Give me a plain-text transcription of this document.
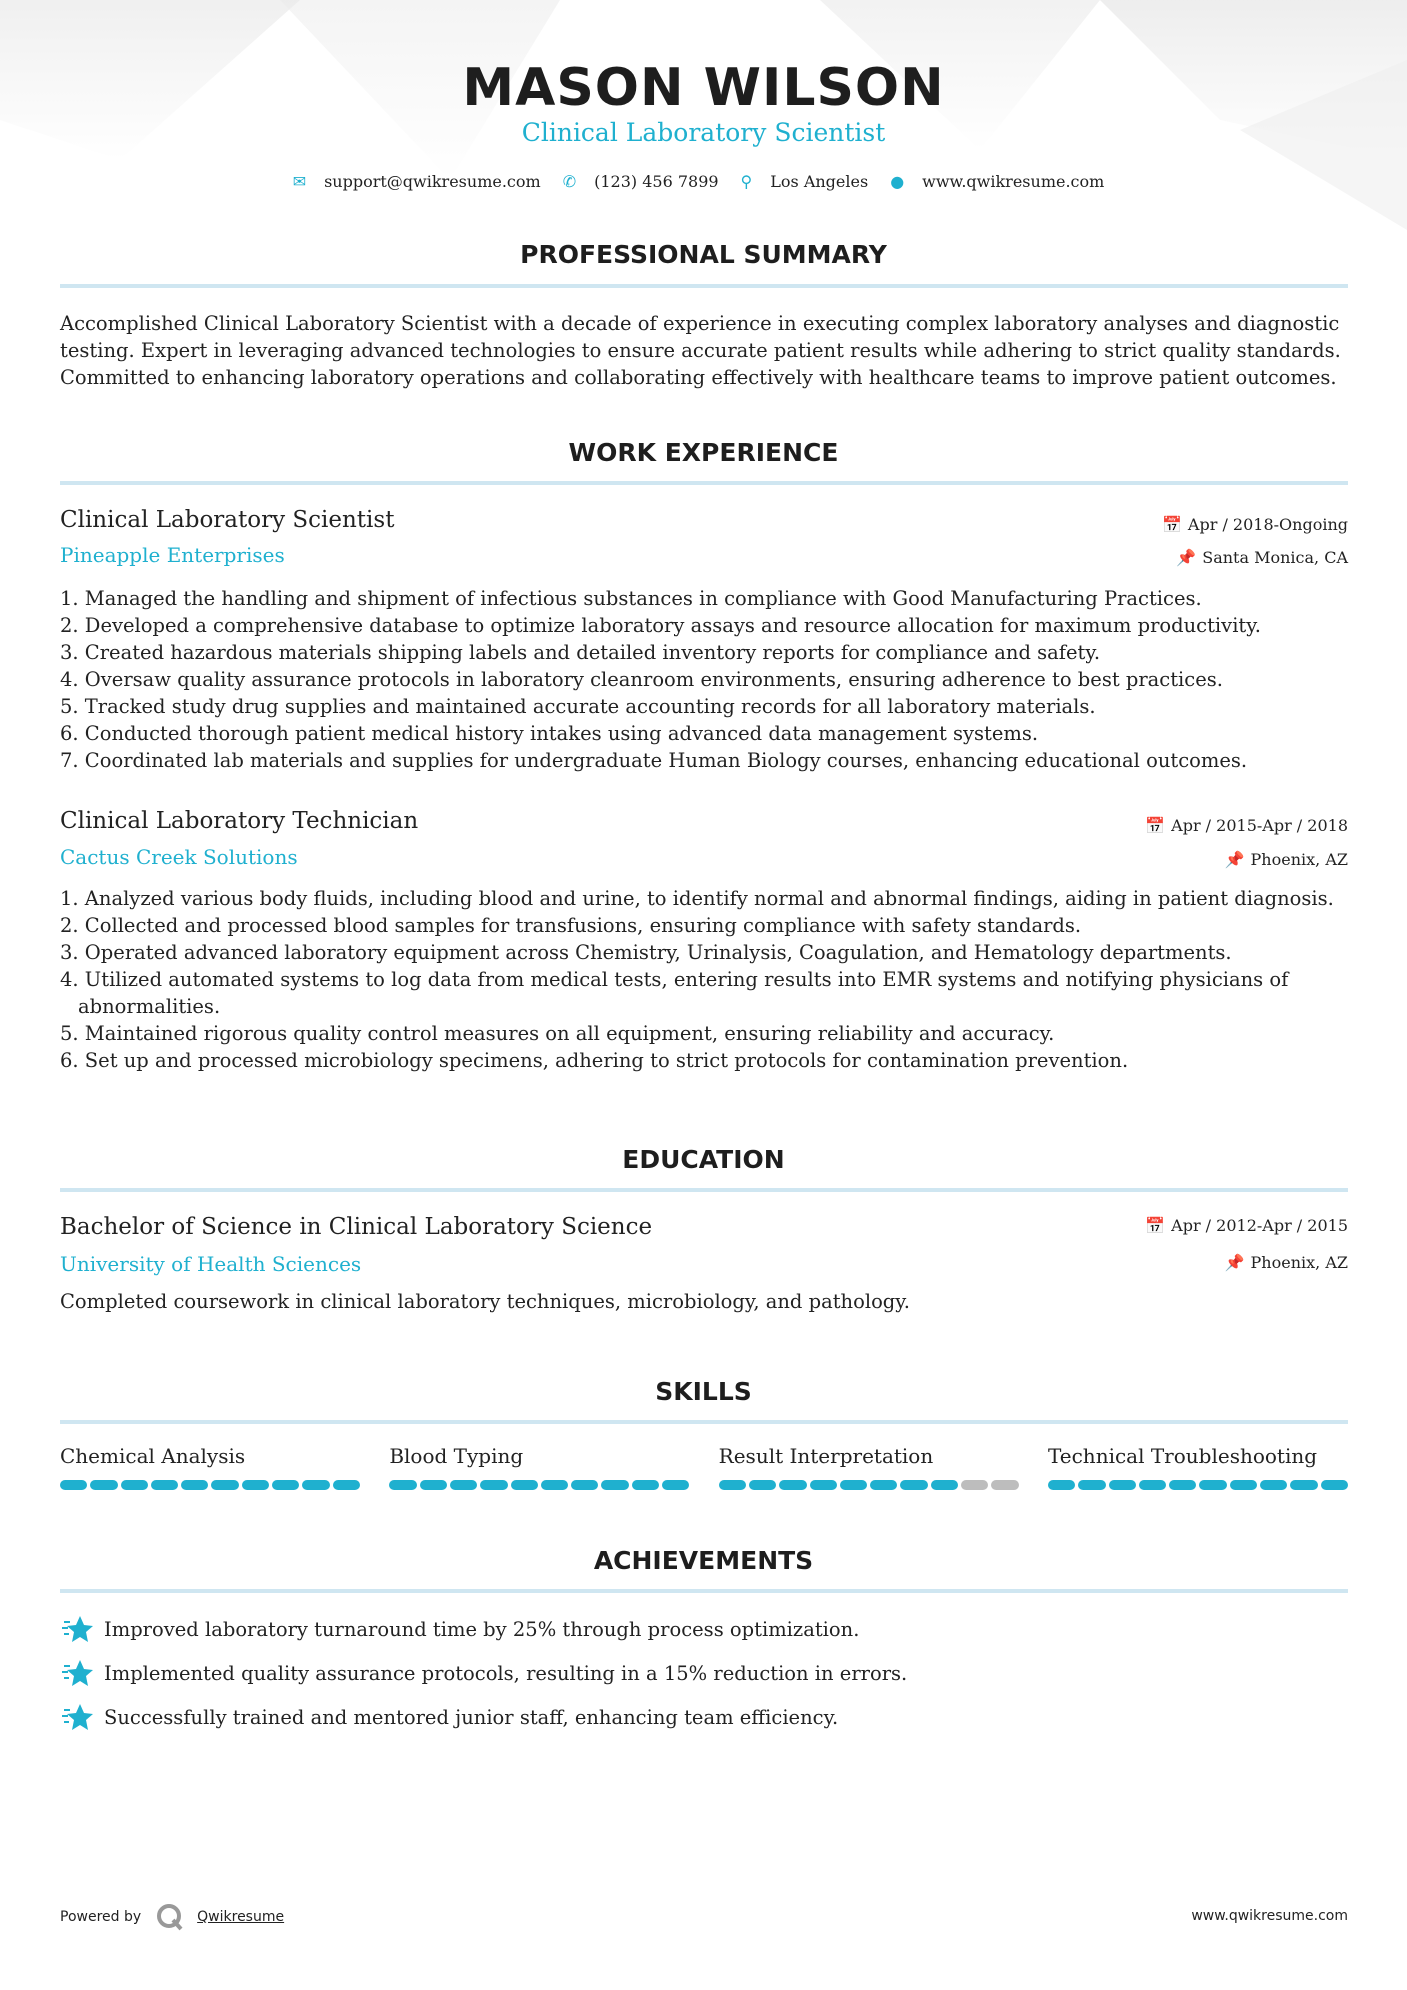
MASON WILSON
Clinical Laboratory Scientist
✉ support@qwikresume.com ✆ (123) 456 7899 ⚲ Los Angeles ● www.qwikresume.com
PROFESSIONAL SUMMARY
Accomplished Clinical Laboratory Scientist with a decade of experience in executing complex laboratory analyses and diagnostic testing. Expert in leveraging advanced technologies to ensure accurate patient results while adhering to strict quality standards. Committed to enhancing laboratory operations and collaborating effectively with healthcare teams to improve patient outcomes.
WORK EXPERIENCE
Clinical Laboratory Scientist
Pineapple Enterprises
📅 Apr / 2018-Ongoing
📌 Santa Monica, CA
1. Managed the handling and shipment of infectious substances in compliance with Good Manufacturing Practices.
2. Developed a comprehensive database to optimize laboratory assays and resource allocation for maximum productivity.
3. Created hazardous materials shipping labels and detailed inventory reports for compliance and safety.
4. Oversaw quality assurance protocols in laboratory cleanroom environments, ensuring adherence to best practices.
5. Tracked study drug supplies and maintained accurate accounting records for all laboratory materials.
6. Conducted thorough patient medical history intakes using advanced data management systems.
7. Coordinated lab materials and supplies for undergraduate Human Biology courses, enhancing educational outcomes.
Clinical Laboratory Technician
Cactus Creek Solutions
📅 Apr / 2015-Apr / 2018
📌 Phoenix, AZ
1. Analyzed various body fluids, including blood and urine, to identify normal and abnormal findings, aiding in patient diagnosis.
2. Collected and processed blood samples for transfusions, ensuring compliance with safety standards.
3. Operated advanced laboratory equipment across Chemistry, Urinalysis, Coagulation, and Hematology departments.
4. Utilized automated systems to log data from medical tests, entering results into EMR systems and notifying physicians of abnormalities.
5. Maintained rigorous quality control measures on all equipment, ensuring reliability and accuracy.
6. Set up and processed microbiology specimens, adhering to strict protocols for contamination prevention.
EDUCATION
Bachelor of Science in Clinical Laboratory Science
University of Health Sciences
📅 Apr / 2012-Apr / 2015
📌 Phoenix, AZ
Completed coursework in clinical laboratory techniques, microbiology, and pathology.
SKILLS
Chemical Analysis	Blood Typing	Result Interpretation	Technical Troubleshooting
ACHIEVEMENTS
Improved laboratory turnaround time by 25% through process optimization.
Implemented quality assurance protocols, resulting in a 15% reduction in errors.
Successfully trained and mentored junior staff, enhancing team efficiency.
Powered by	Qwikresume	www.qwikresume.com
